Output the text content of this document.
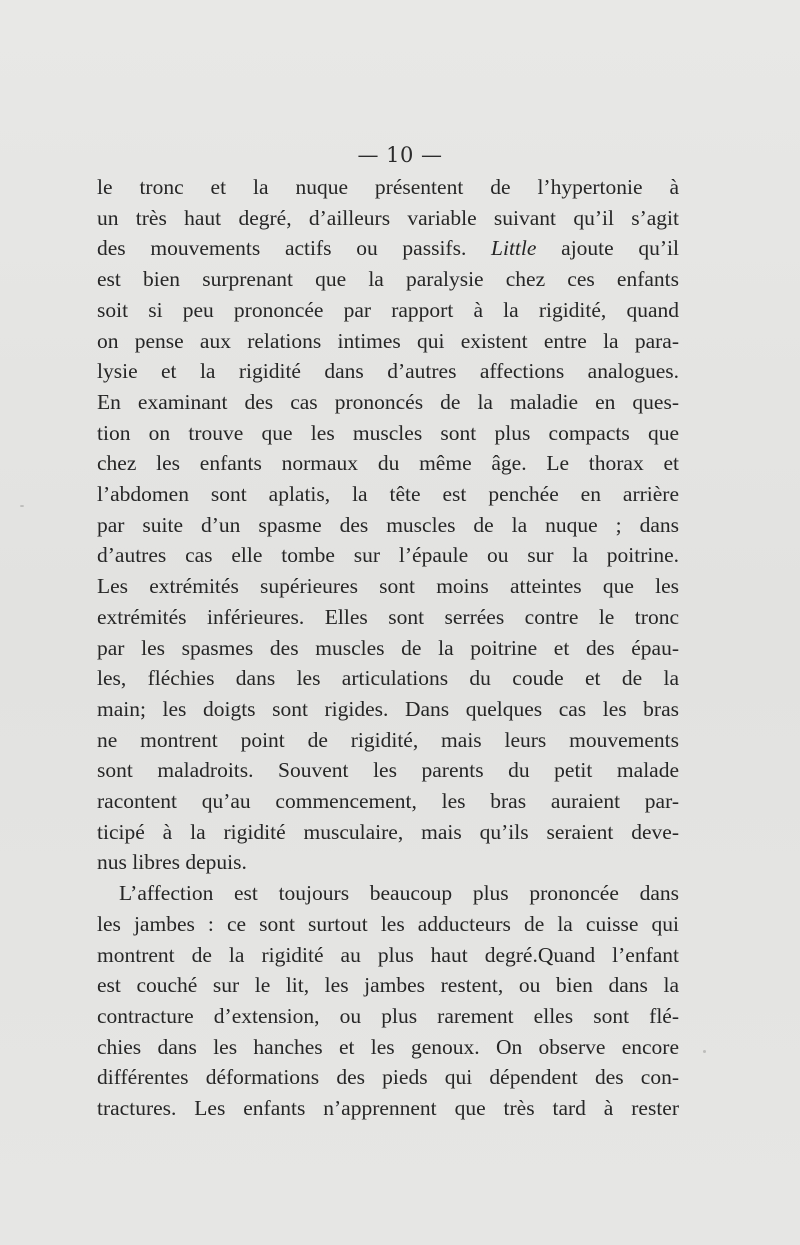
— 10 —
le tronc et la nuque présentent de l’hypertonie à
un très haut degré, d’ailleurs variable suivant qu’il s’agit
des mouvements actifs ou passifs. Little ajoute qu’il
est bien surprenant que la paralysie chez ces enfants
soit si peu prononcée par rapport à la rigidité, quand
on pense aux relations intimes qui existent entre la para-
lysie et la rigidité dans d’autres affections analogues.
En examinant des cas prononcés de la maladie en ques-
tion on trouve que les muscles sont plus compacts que
chez les enfants normaux du même âge. Le thorax et
l’abdomen sont aplatis, la tête est penchée en arrière
par suite d’un spasme des muscles de la nuque ; dans
d’autres cas elle tombe sur l’épaule ou sur la poitrine.
Les extrémités supérieures sont moins atteintes que les
extrémités inférieures. Elles sont serrées contre le tronc
par les spasmes des muscles de la poitrine et des épau-
les, fléchies dans les articulations du coude et de la
main; les doigts sont rigides. Dans quelques cas les bras
ne montrent point de rigidité, mais leurs mouvements
sont maladroits. Souvent les parents du petit malade
racontent qu’au commencement, les bras auraient par-
ticipé à la rigidité musculaire, mais qu’ils seraient deve-
nus libres depuis.
L’affection est toujours beaucoup plus prononcée dans
les jambes : ce sont surtout les adducteurs de la cuisse qui
montrent de la rigidité au plus haut degré.Quand l’enfant
est couché sur le lit, les jambes restent, ou bien dans la
contracture d’extension, ou plus rarement elles sont flé-
chies dans les hanches et les genoux. On observe encore
différentes déformations des pieds qui dépendent des con-
tractures. Les enfants n’apprennent que très tard à rester
